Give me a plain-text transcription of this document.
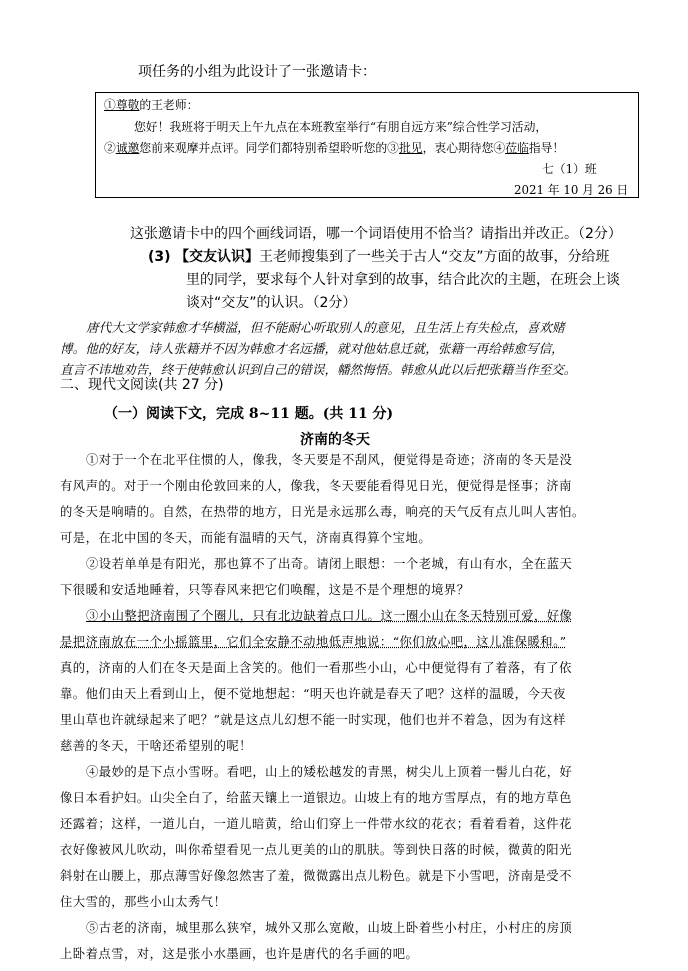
项任务的小组为此设计了一张邀请卡：

①尊敬的王老师：

您好！我班将于明天上午九点在本班教室举行“有朋自远方来”综合性学习活动，

②诚邀您前来观摩并点评。同学们都特别希望聆听您的③批见，衷心期待您④莅临指导！

七（1）班

2021 年 10 月 26 日

这张邀请卡中的四个画线词语，哪一个词语使用不恰当？请指出并改正。（2分）

(3) 【交友认识】王老师搜集到了一些关于古人“交友”方面的故事，分给班

里的同学，要求每个人针对拿到的故事，结合此次的主题，在班会上谈

谈对“交友”的认识。（2分）

唐代大文学家韩愈才华横溢，但不能耐心听取别人的意见，且生活上有失检点，喜欢赌

博。他的好友，诗人张籍并不因为韩愈才名远播，就对他姑息迁就，张籍一再给韩愈写信，

直言不讳地劝告，终于使韩愈认识到自己的错误，幡然悔悟。韩愈从此以后把张籍当作至交。

二、现代文阅读(共 27 分)

（一）阅读下文，完成 8~11 题。(共 11 分)

济南的冬天

①对于一个在北平住惯的人，像我，冬天要是不刮风，便觉得是奇迹；济南的冬天是没

有风声的。对于一个刚由伦敦回来的人，像我，冬天要能看得见日光，便觉得是怪事；济南

的冬天是响晴的。自然，在热带的地方，日光是永远那么毒，响亮的天气反有点儿叫人害怕。

可是，在北中国的冬天，而能有温晴的天气，济南真得算个宝地。

②设若单单是有阳光，那也算不了出奇。请闭上眼想：一个老城，有山有水，全在蓝天

下很暖和安适地睡着，只等春风来把它们唤醒，这是不是个理想的境界？

③小山整把济南围了个圈儿，只有北边缺着点口儿。这一圈小山在冬天特别可爱，好像

是把济南放在一个小摇篮里，它们全安静不动地低声地说：“你们放心吧，这儿准保暖和。”

真的，济南的人们在冬天是面上含笑的。他们一看那些小山，心中便觉得有了着落，有了依

靠。他们由天上看到山上，便不觉地想起：“明天也许就是春天了吧？这样的温暖，今天夜

里山草也许就绿起来了吧？”就是这点儿幻想不能一时实现，他们也并不着急，因为有这样

慈善的冬天，干啥还希望别的呢！

④最妙的是下点小雪呀。看吧，山上的矮松越发的青黑，树尖儿上顶着一髻儿白花，好

像日本看护妇。山尖全白了，给蓝天镶上一道银边。山坡上有的地方雪厚点，有的地方草色

还露着；这样，一道儿白，一道儿暗黄，给山们穿上一件带水纹的花衣；看着看着，这件花

衣好像被风儿吹动，叫你希望看见一点儿更美的山的肌肤。等到快日落的时候，微黄的阳光

斜射在山腰上，那点薄雪好像忽然害了羞，微微露出点儿粉色。就是下小雪吧，济南是受不

住大雪的，那些小山太秀气！

⑤古老的济南，城里那么狭窄，城外又那么宽敞，山坡上卧着些小村庄，小村庄的房顶

上卧着点雪，对，这是张小水墨画，也许是唐代的名手画的吧。
